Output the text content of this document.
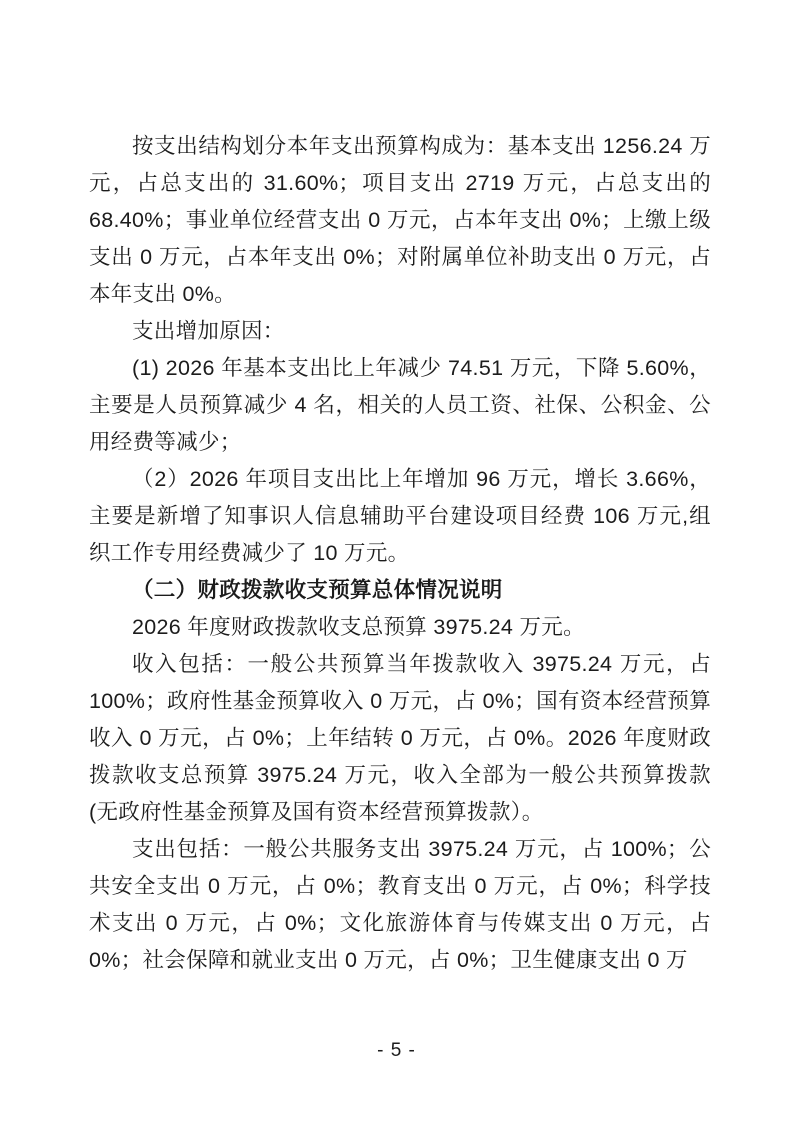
按支出结构划分本年支出预算构成为：基本支出 1256.24 万元，占总支出的 31.60%；项目支出 2719 万元，占总支出的 68.40%；事业单位经营支出 0 万元，占本年支出 0%；上缴上级支出 0 万元，占本年支出 0%；对附属单位补助支出 0 万元，占本年支出 0%。

支出增加原因：

(1) 2026 年基本支出比上年减少 74.51 万元，下降 5.60%，主要是人员预算减少 4 名，相关的人员工资、社保、公积金、公用经费等减少；

（2）2026 年项目支出比上年增加 96 万元，增长 3.66%，主要是新增了知事识人信息辅助平台建设项目经费 106 万元,组织工作专用经费减少了 10 万元。

（二）财政拨款收支预算总体情况说明

2026 年度财政拨款收支总预算 3975.24 万元。

收入包括：一般公共预算当年拨款收入 3975.24 万元，占 100%；政府性基金预算收入 0 万元，占 0%；国有资本经营预算收入 0 万元，占 0%；上年结转 0 万元，占 0%。2026 年度财政拨款收支总预算 3975.24 万元，收入全部为一般公共预算拨款(无政府性基金预算及国有资本经营预算拨款）。

支出包括：一般公共服务支出 3975.24 万元，占 100%；公共安全支出 0 万元，占 0%；教育支出 0 万元，占 0%；科学技术支出 0 万元，占 0%；文化旅游体育与传媒支出 0 万元，占 0%；社会保障和就业支出 0 万元，占 0%；卫生健康支出 0 万

- 5 -
